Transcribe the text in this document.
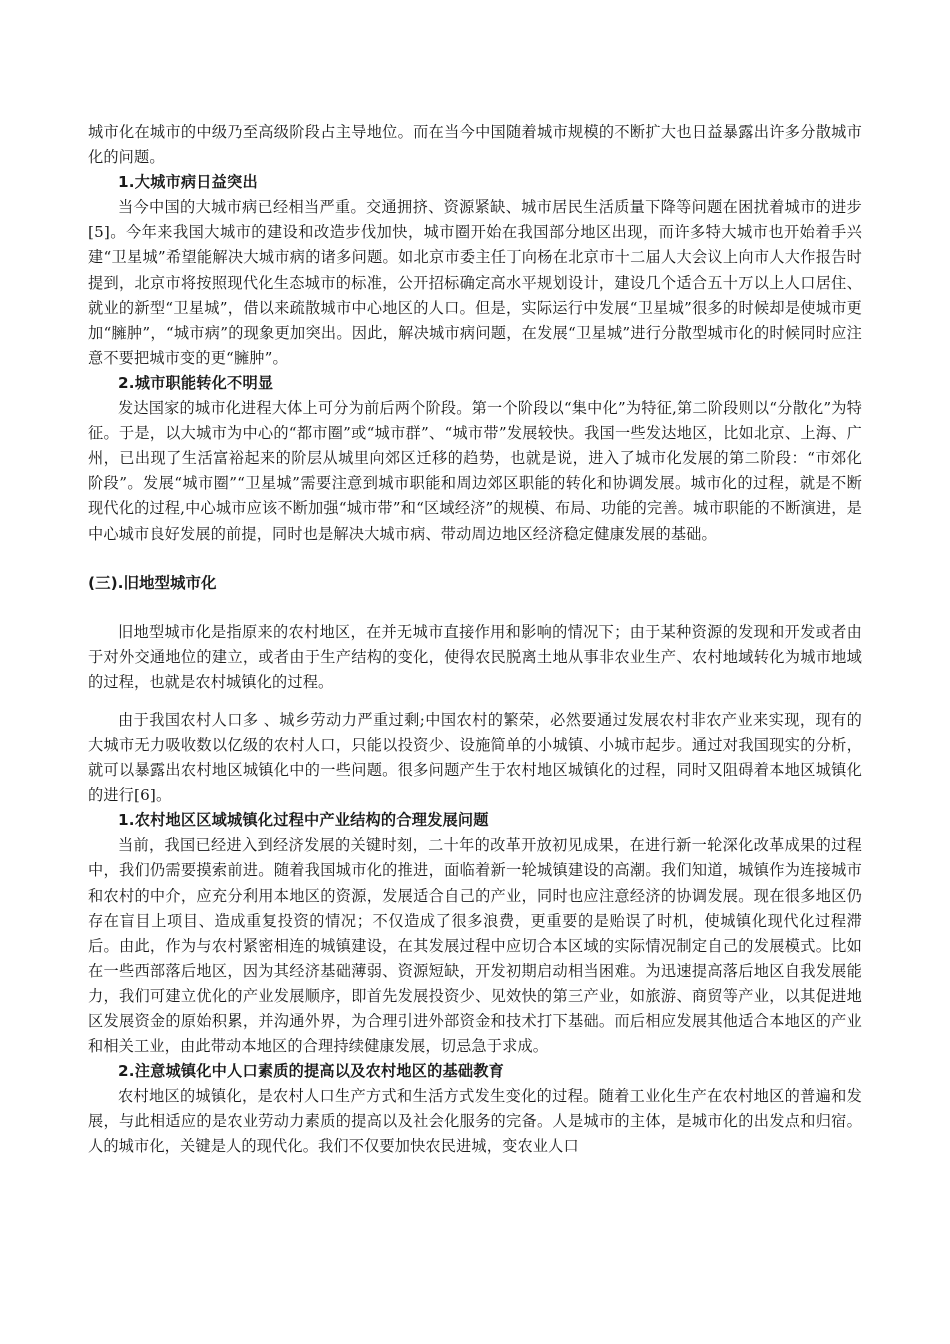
城市化在城市的中级乃至高级阶段占主导地位。而在当今中国随着城市规模的不断扩大也日益暴露出许多分散城市化的问题。

1.大城市病日益突出

当今中国的大城市病已经相当严重。交通拥挤、资源紧缺、城市居民生活质量下降等问题在困扰着城市的进步[5]。今年来我国大城市的建设和改造步伐加快，城市圈开始在我国部分地区出现，而许多特大城市也开始着手兴建“卫星城”希望能解决大城市病的诸多问题。如北京市委主任丁向杨在北京市十二届人大会议上向市人大作报告时提到，北京市将按照现代化生态城市的标准，公开招标确定高水平规划设计，建设几个适合五十万以上人口居住、就业的新型“卫星城”，借以来疏散城市中心地区的人口。但是，实际运行中发展“卫星城”很多的时候却是使城市更加“臃肿”，“城市病”的现象更加突出。因此，解决城市病问题，在发展“卫星城”进行分散型城市化的时候同时应注意不要把城市变的更“臃肿”。

2.城市职能转化不明显

发达国家的城市化进程大体上可分为前后两个阶段。第一个阶段以“集中化”为特征,第二阶段则以“分散化”为特征。于是，以大城市为中心的“都市圈”或“城市群”、“城市带”发展较快。我国一些发达地区，比如北京、上海、广州，已出现了生活富裕起来的阶层从城里向郊区迁移的趋势，也就是说，进入了城市化发展的第二阶段：“市郊化阶段”。发展“城市圈”“卫星城”需要注意到城市职能和周边郊区职能的转化和协调发展。城市化的过程，就是不断现代化的过程,中心城市应该不断加强“城市带”和“区域经济”的规模、布局、功能的完善。城市职能的不断演进，是中心城市良好发展的前提，同时也是解决大城市病、带动周边地区经济稳定健康发展的基础。

(三).旧地型城市化

旧地型城市化是指原来的农村地区，在并无城市直接作用和影响的情况下；由于某种资源的发现和开发或者由于对外交通地位的建立，或者由于生产结构的变化，使得农民脱离土地从事非农业生产、农村地域转化为城市地域的过程，也就是农村城镇化的过程。

由于我国农村人口多 、城乡劳动力严重过剩;中国农村的繁荣，必然要通过发展农村非农产业来实现，现有的大城市无力吸收数以亿级的农村人口，只能以投资少、设施简单的小城镇、小城市起步。通过对我国现实的分析，就可以暴露出农村地区城镇化中的一些问题。很多问题产生于农村地区城镇化的过程，同时又阻碍着本地区城镇化的进行[6]。

1.农村地区区域城镇化过程中产业结构的合理发展问题

当前，我国已经进入到经济发展的关键时刻，二十年的改革开放初见成果，在进行新一轮深化改革成果的过程中，我们仍需要摸索前进。随着我国城市化的推进，面临着新一轮城镇建设的高潮。我们知道，城镇作为连接城市和农村的中介，应充分利用本地区的资源，发展适合自己的产业，同时也应注意经济的协调发展。现在很多地区仍存在盲目上项目、造成重复投资的情况；不仅造成了很多浪费，更重要的是贻误了时机，使城镇化现代化过程滞后。由此，作为与农村紧密相连的城镇建设，在其发展过程中应切合本区域的实际情况制定自己的发展模式。比如在一些西部落后地区，因为其经济基础薄弱、资源短缺，开发初期启动相当困难。为迅速提高落后地区自我发展能力，我们可建立优化的产业发展顺序，即首先发展投资少、见效快的第三产业，如旅游、商贸等产业，以其促进地区发展资金的原始积累，并沟通外界，为合理引进外部资金和技术打下基础。而后相应发展其他适合本地区的产业和相关工业，由此带动本地区的合理持续健康发展，切忌急于求成。

2.注意城镇化中人口素质的提高以及农村地区的基础教育

农村地区的城镇化，是农村人口生产方式和生活方式发生变化的过程。随着工业化生产在农村地区的普遍和发展，与此相适应的是农业劳动力素质的提高以及社会化服务的完备。人是城市的主体，是城市化的出发点和归宿。人的城市化，关键是人的现代化。我们不仅要加快农民进城，变农业人口
